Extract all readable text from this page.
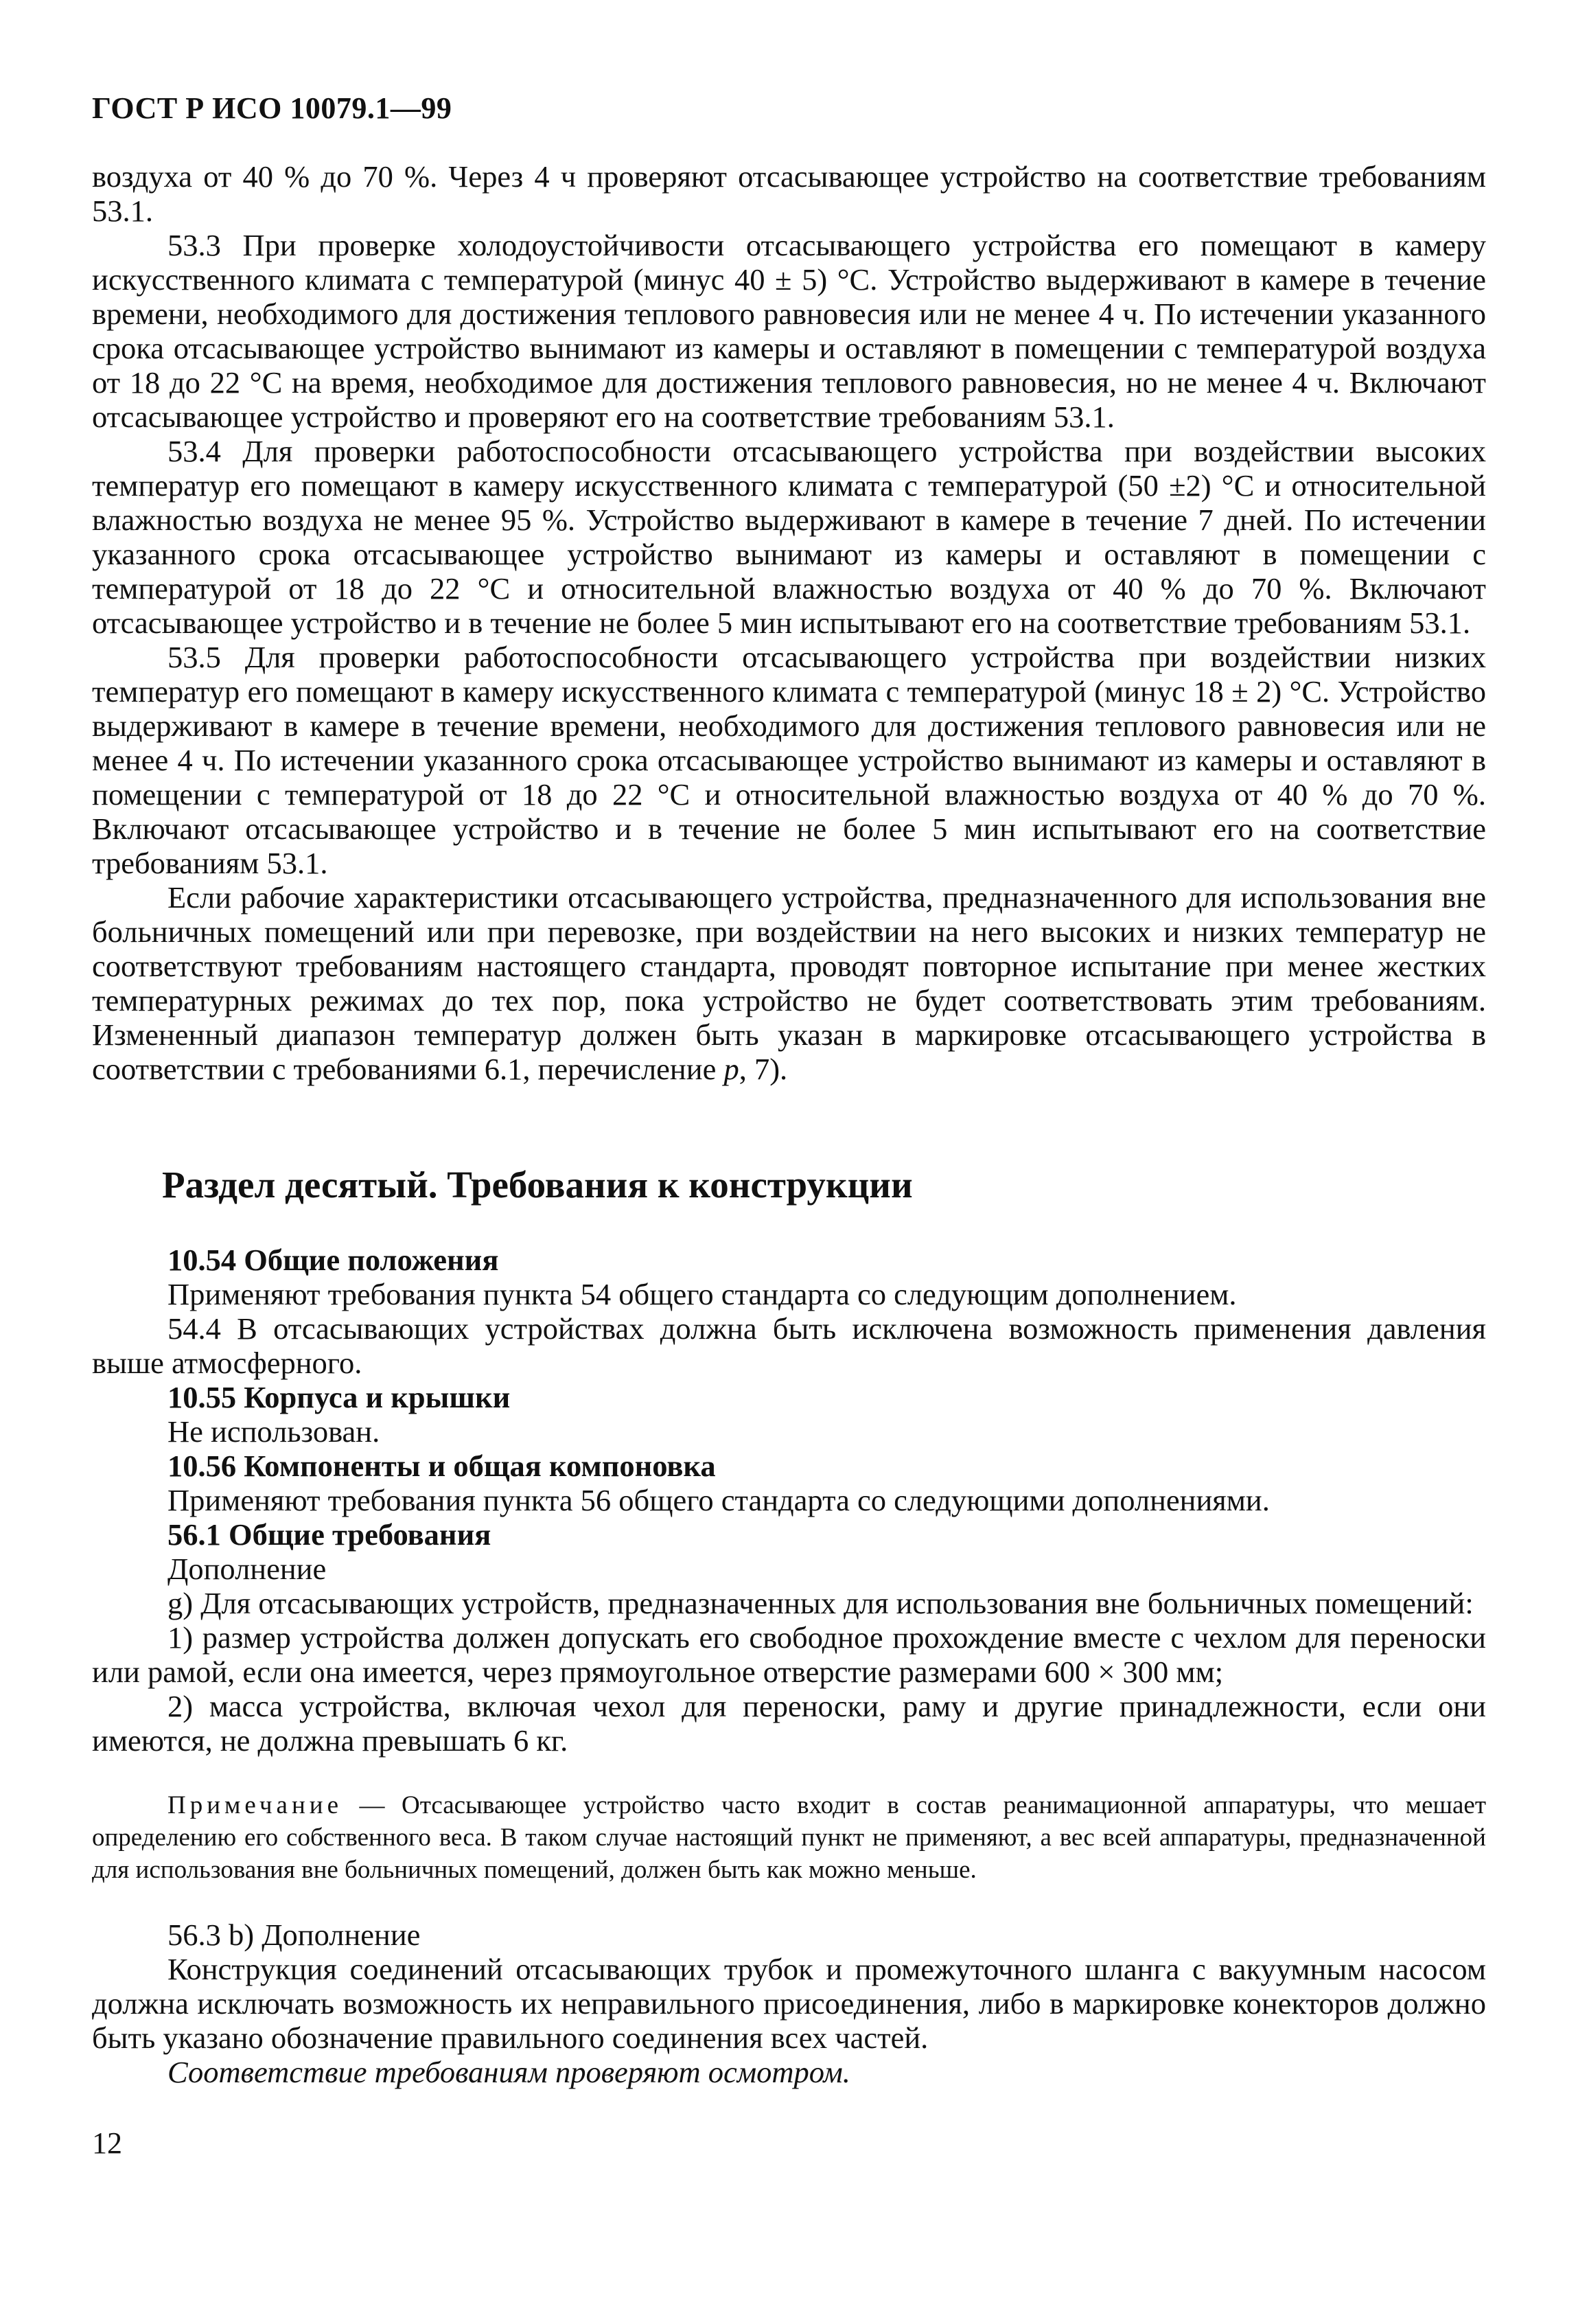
ГОСТ Р ИСО 10079.1—99

воздуха от 40 % до 70 %. Через 4 ч проверяют отсасывающее устройство на соответствие требованиям 53.1.

53.3 При проверке холодоустойчивости отсасывающего устройства его помещают в камеру искусственного климата с температурой (минус 40 ± 5) °С. Устройство выдерживают в камере в течение времени, необходимого для достижения теплового равновесия или не менее 4 ч. По истечении указанного срока отсасывающее устройство вынимают из камеры и оставляют в помещении с температурой воздуха от 18 до 22 °С на время, необходимое для достижения теплового равновесия, но не менее 4 ч. Включают отсасывающее устройство и проверяют его на соответствие требованиям 53.1.

53.4 Для проверки работоспособности отсасывающего устройства при воздействии высоких температур его помещают в камеру искусственного климата с температурой (50 ±2) °С и относительной влажностью воздуха не менее 95 %. Устройство выдерживают в камере в течение 7 дней. По истечении указанного срока отсасывающее устройство вынимают из камеры и оставляют в помещении с температурой от 18 до 22 °С и относительной влажностью воздуха от 40 % до 70 %. Включают отсасывающее устройство и в течение не более 5 мин испытывают его на соответствие требованиям 53.1.

53.5 Для проверки работоспособности отсасывающего устройства при воздействии низких температур его помещают в камеру искусственного климата с температурой (минус 18 ± 2) °С. Устройство выдерживают в камере в течение времени, необходимого для достижения теплового равновесия или не менее 4 ч. По истечении указанного срока отсасывающее устройство вынимают из камеры и оставляют в помещении с температурой от 18 до 22 °С и относительной влажностью воздуха от 40 % до 70 %. Включают отсасывающее устройство и в течение не более 5 мин испытывают его на соответствие требованиям 53.1.

Если рабочие характеристики отсасывающего устройства, предназначенного для использования вне больничных помещений или при перевозке, при воздействии на него высоких и низких температур не соответствуют требованиям настоящего стандарта, проводят повторное испытание при менее жестких температурных режимах до тех пор, пока устройство не будет соответствовать этим требованиям. Измененный диапазон температур должен быть указан в маркировке отсасывающего устройства в соответствии с требованиями 6.1, перечисление p, 7).

Раздел десятый. Требования к конструкции

10.54 Общие положения

Применяют требования пункта 54 общего стандарта со следующим дополнением.

54.4 В отсасывающих устройствах должна быть исключена возможность применения давления выше атмосферного.

10.55 Корпуса и крышки

Не использован.

10.56 Компоненты и общая компоновка

Применяют требования пункта 56 общего стандарта со следующими дополнениями.

56.1 Общие требования

Дополнение

g) Для отсасывающих устройств, предназначенных для использования вне больничных помещений:

1) размер устройства должен допускать его свободное прохождение вместе с чехлом для переноски или рамой, если она имеется, через прямоугольное отверстие размерами 600 × 300 мм;

2) масса устройства, включая чехол для переноски, раму и другие принадлежности, если они имеются, не должна превышать 6 кг.

Примечание — Отсасывающее устройство часто входит в состав реанимационной аппаратуры, что мешает определению его собственного веса. В таком случае настоящий пункт не применяют, а вес всей аппаратуры, предназначенной для использования вне больничных помещений, должен быть как можно меньше.

56.3 b) Дополнение

Конструкция соединений отсасывающих трубок и промежуточного шланга с вакуумным насосом должна исключать возможность их неправильного присоединения, либо в маркировке конекторов должно быть указано обозначение правильного соединения всех частей.

Соответствие требованиям проверяют осмотром.

12
